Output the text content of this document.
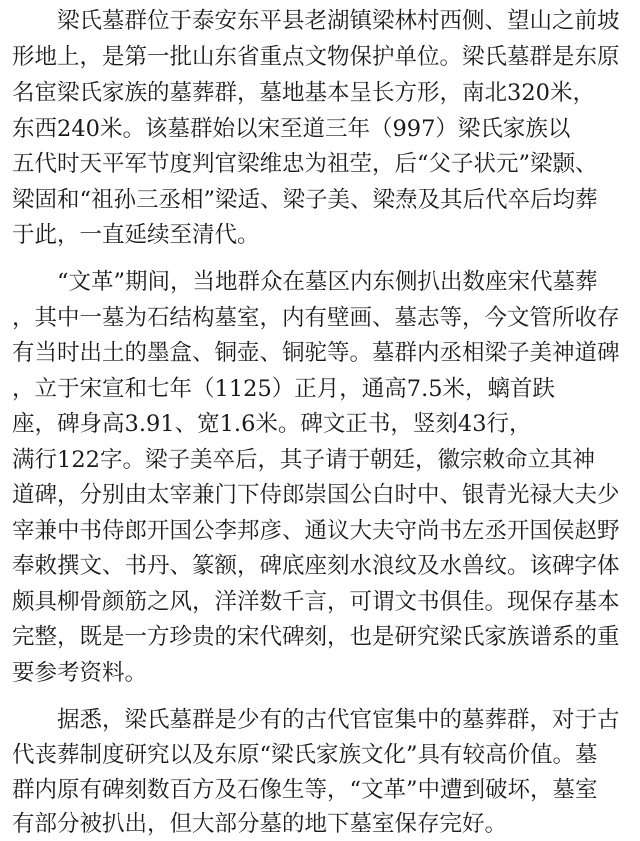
　　梁氏墓群位于泰安东平县老湖镇梁林村西侧、望山之前坡
形地上，是第一批山东省重点文物保护单位。梁氏墓群是东原
名宦梁氏家族的墓葬群，墓地基本呈长方形，南北320米，
东西240米。该墓群始以宋至道三年（997）梁氏家族以
五代时天平军节度判官梁维忠为祖茔，后“父子状元”梁颢、
梁固和“祖孙三丞相”梁适、梁子美、梁焘及其后代卒后均葬
于此，一直延续至清代。
　　“文革”期间，当地群众在墓区内东侧扒出数座宋代墓葬
，其中一墓为石结构墓室，内有壁画、墓志等，今文管所收存
有当时出土的墨盒、铜壶、铜驼等。墓群内丞相梁子美神道碑
，立于宋宣和七年（1125）正月，通高7.5米，螭首趺
座，碑身高3.91、宽1.6米。碑文正书，竖刻43行，
满行122字。梁子美卒后，其子请于朝廷，徽宗敕命立其神
道碑，分别由太宰兼门下侍郎崇国公白时中、银青光禄大夫少
宰兼中书侍郎开国公李邦彦、通议大夫守尚书左丞开国侯赵野
奉敕撰文、书丹、篆额，碑底座刻水浪纹及水兽纹。该碑字体
颇具柳骨颜筋之风，洋洋数千言，可谓文书俱佳。现保存基本
完整，既是一方珍贵的宋代碑刻，也是研究梁氏家族谱系的重
要参考资料。
　　据悉，梁氏墓群是少有的古代官宦集中的墓葬群，对于古
代丧葬制度研究以及东原“梁氏家族文化”具有较高价值。墓
群内原有碑刻数百方及石像生等，“文革”中遭到破坏，墓室
有部分被扒出，但大部分墓的地下墓室保存完好。
